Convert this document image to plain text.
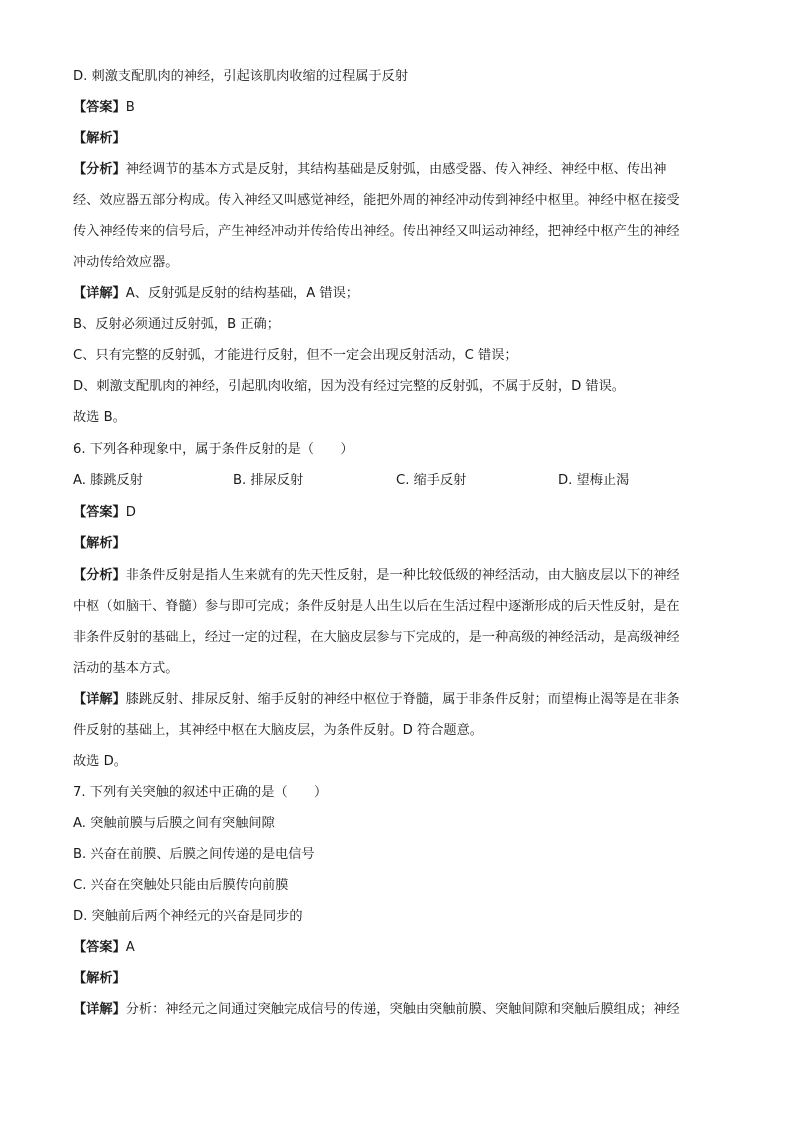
D. 刺激支配肌肉的神经，引起该肌肉收缩的过程属于反射
【答案】B
【解析】
【分析】神经调节的基本方式是反射，其结构基础是反射弧，由感受器、传入神经、神经中枢、传出神
经、效应器五部分构成。传入神经又叫感觉神经，能把外周的神经冲动传到神经中枢里。神经中枢在接受
传入神经传来的信号后，产生神经冲动并传给传出神经。传出神经又叫运动神经，把神经中枢产生的神经
冲动传给效应器。
【详解】A、反射弧是反射的结构基础，A 错误；
B、反射必须通过反射弧，B 正确；
C、只有完整的反射弧，才能进行反射，但不一定会出现反射活动，C 错误；
D、刺激支配肌肉的神经，引起肌肉收缩，因为没有经过完整的反射弧，不属于反射，D 错误。
故选 B。
6. 下列各种现象中，属于条件反射的是（　　）
A. 膝跳反射	B. 排尿反射	C. 缩手反射	D. 望梅止渴
【答案】D
【解析】
【分析】非条件反射是指人生来就有的先天性反射，是一种比较低级的神经活动，由大脑皮层以下的神经
中枢（如脑干、脊髓）参与即可完成；条件反射是人出生以后在生活过程中逐渐形成的后天性反射，是在
非条件反射的基础上，经过一定的过程，在大脑皮层参与下完成的，是一种高级的神经活动，是高级神经
活动的基本方式。
【详解】膝跳反射、排尿反射、缩手反射的神经中枢位于脊髓，属于非条件反射；而望梅止渴等是在非条
件反射的基础上，其神经中枢在大脑皮层，为条件反射。D 符合题意。
故选 D。
7. 下列有关突触的叙述中正确的是（　　）
A. 突触前膜与后膜之间有突触间隙
B. 兴奋在前膜、后膜之间传递的是电信号
C. 兴奋在突触处只能由后膜传向前膜
D. 突触前后两个神经元的兴奋是同步的
【答案】A
【解析】
【详解】分析：神经元之间通过突触完成信号的传递，突触由突触前膜、突触间隙和突触后膜组成；神经
